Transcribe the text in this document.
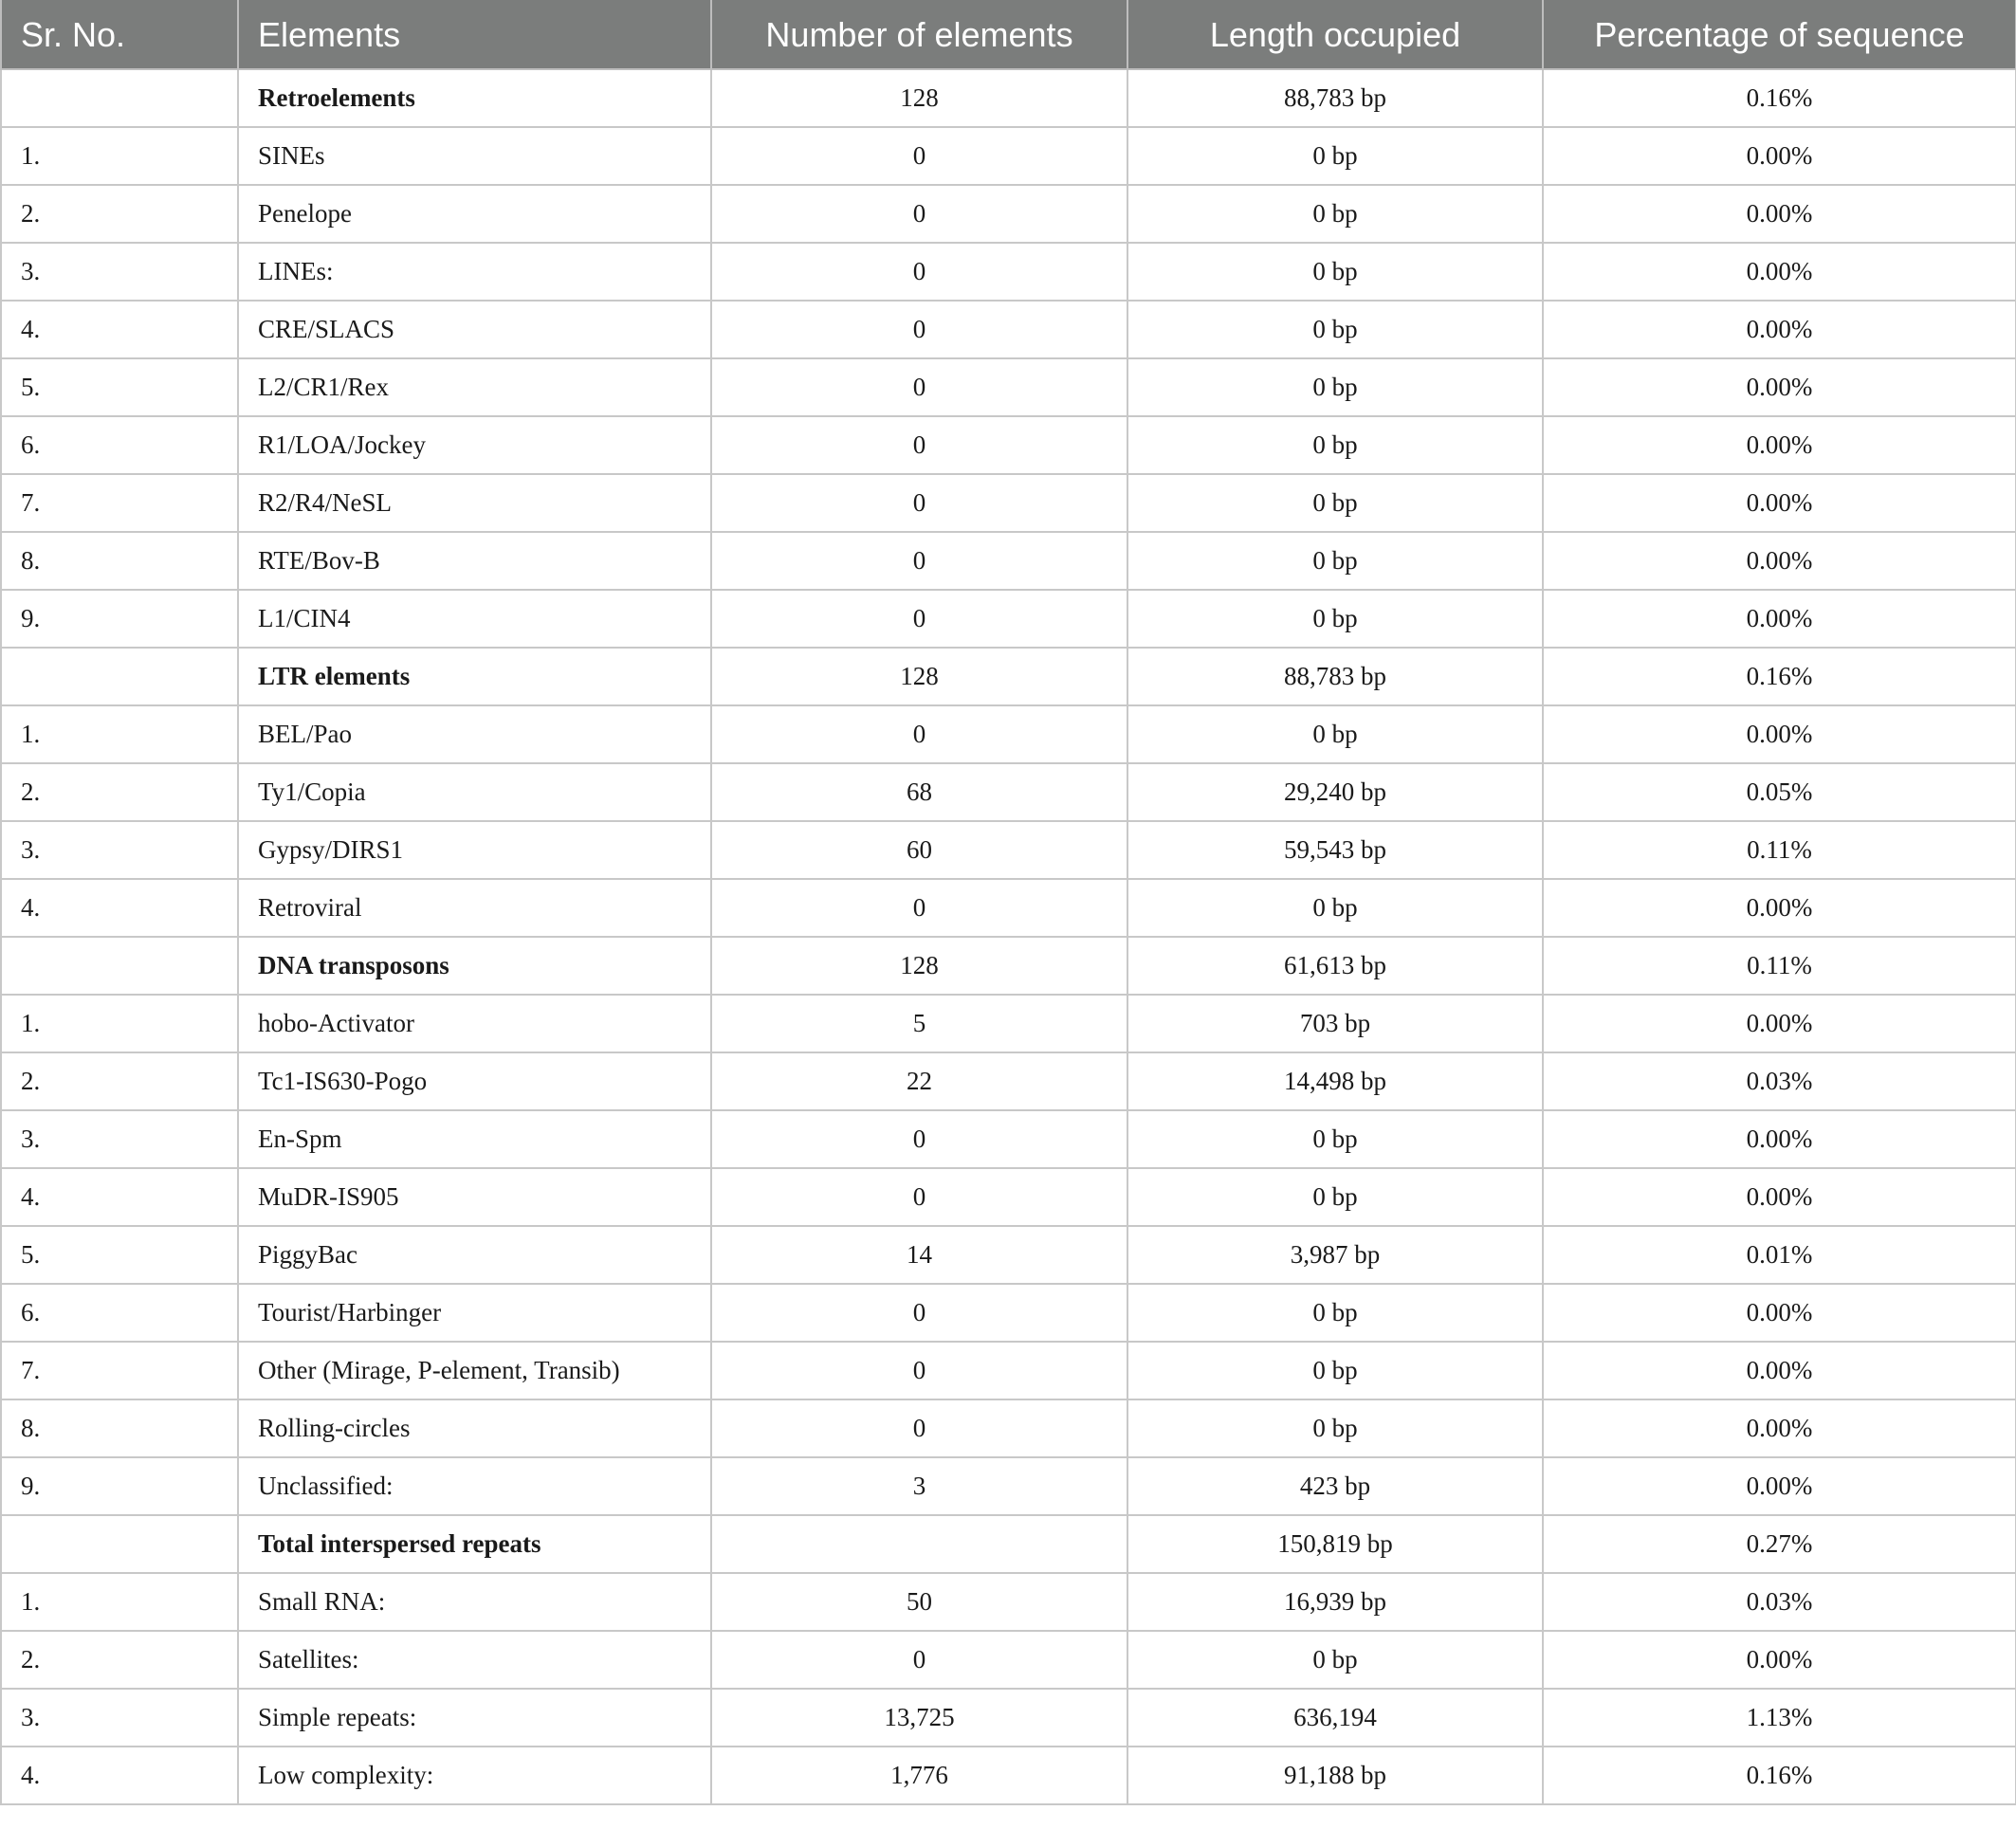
Sr. No.	Elements	Number of elements	Length occupied	Percentage of sequence
	Retroelements	128	88,783 bp	0.16%
1.	SINEs	0	0 bp	0.00%
2.	Penelope	0	0 bp	0.00%
3.	LINEs:	0	0 bp	0.00%
4.	CRE/SLACS	0	0 bp	0.00%
5.	L2/CR1/Rex	0	0 bp	0.00%
6.	R1/LOA/Jockey	0	0 bp	0.00%
7.	R2/R4/NeSL	0	0 bp	0.00%
8.	RTE/Bov-B	0	0 bp	0.00%
9.	L1/CIN4	0	0 bp	0.00%
	LTR elements	128	88,783 bp	0.16%
1.	BEL/Pao	0	0 bp	0.00%
2.	Ty1/Copia	68	29,240 bp	0.05%
3.	Gypsy/DIRS1	60	59,543 bp	0.11%
4.	Retroviral	0	0 bp	0.00%
	DNA transposons	128	61,613 bp	0.11%
1.	hobo-Activator	5	703 bp	0.00%
2.	Tc1-IS630-Pogo	22	14,498 bp	0.03%
3.	En-Spm	0	0 bp	0.00%
4.	MuDR-IS905	0	0 bp	0.00%
5.	PiggyBac	14	3,987 bp	0.01%
6.	Tourist/Harbinger	0	0 bp	0.00%
7.	Other (Mirage, P-element, Transib)	0	0 bp	0.00%
8.	Rolling-circles	0	0 bp	0.00%
9.	Unclassified:	3	423 bp	0.00%
	Total interspersed repeats		150,819 bp	0.27%
1.	Small RNA:	50	16,939 bp	0.03%
2.	Satellites:	0	0 bp	0.00%
3.	Simple repeats:	13,725	636,194	1.13%
4.	Low complexity:	1,776	91,188 bp	0.16%
